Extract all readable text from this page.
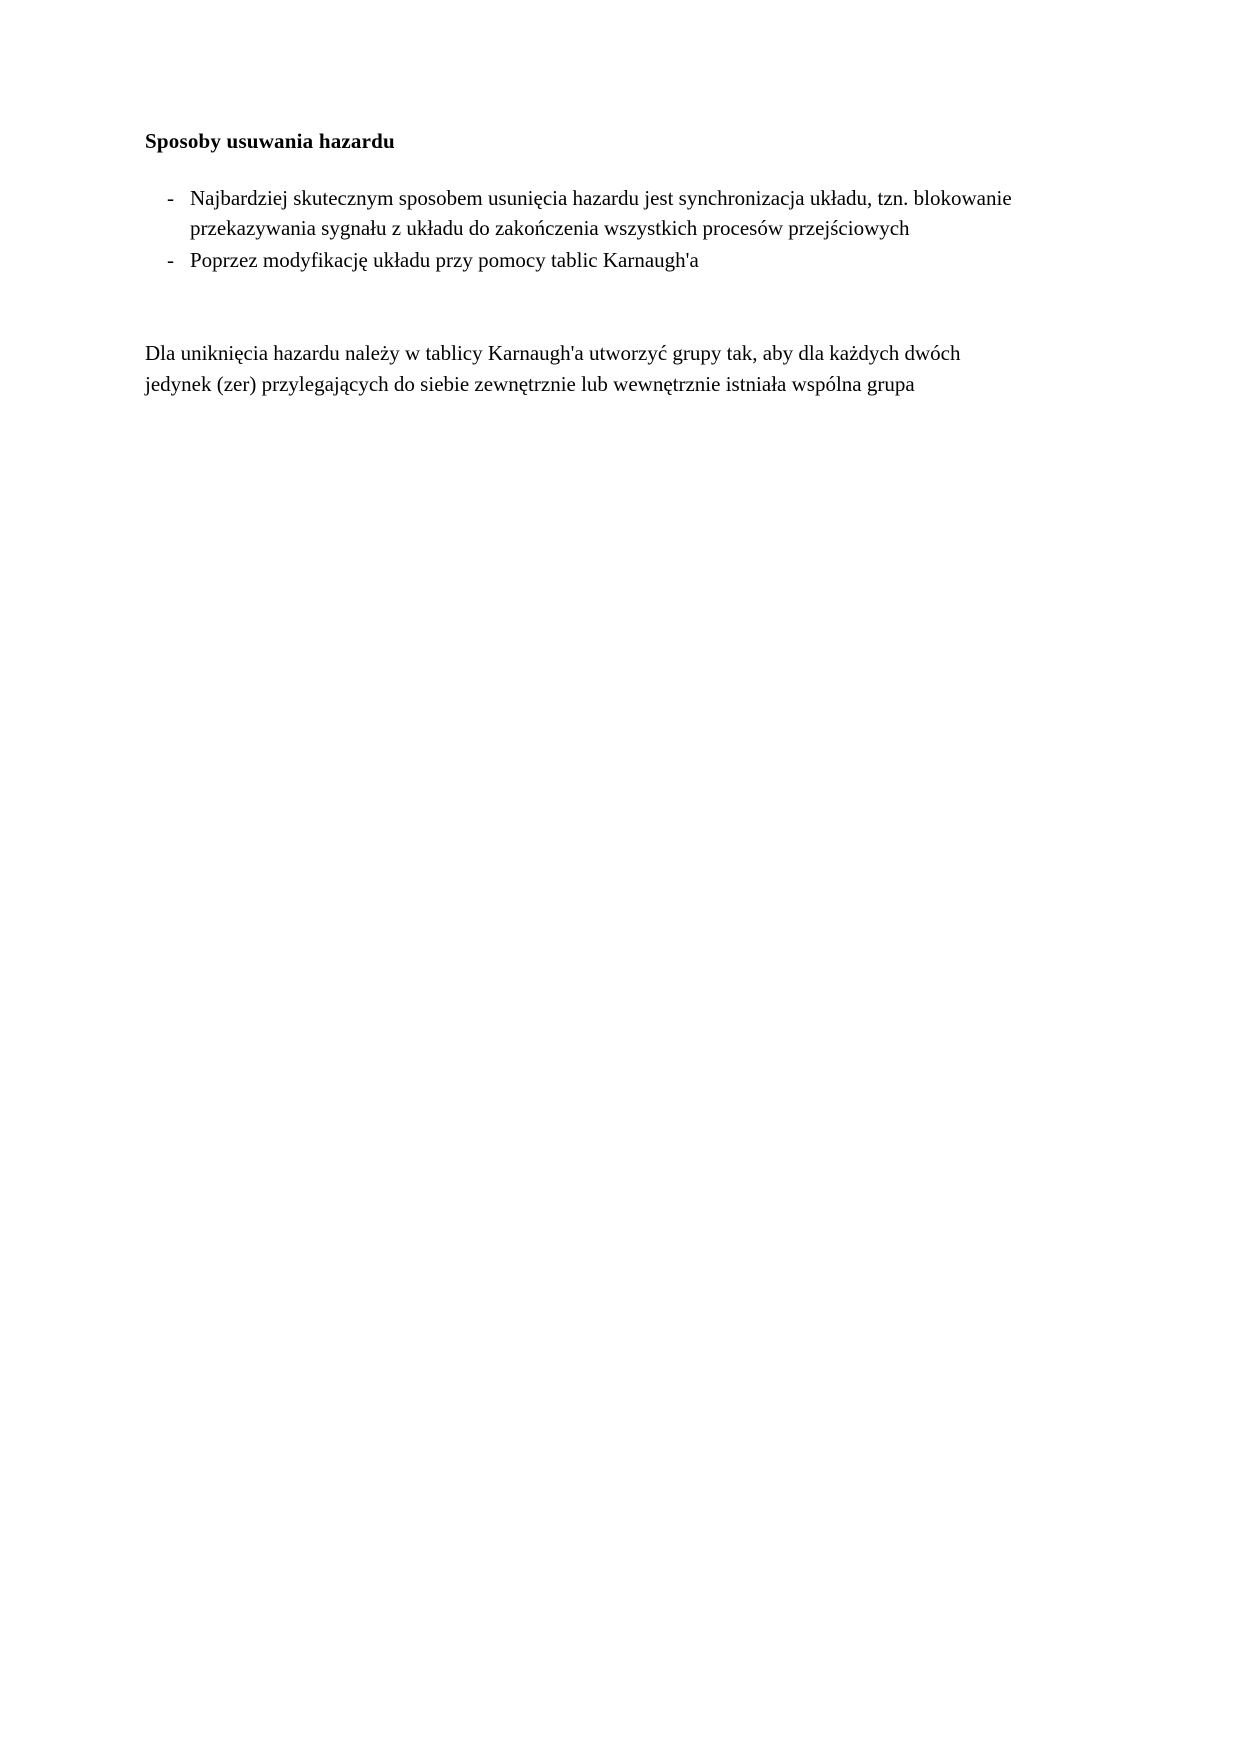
Sposoby usuwania hazardu
- Najbardziej skutecznym sposobem usunięcia hazardu jest synchronizacja układu, tzn. blokowanie przekazywania sygnału z układu do zakończenia wszystkich procesów przejściowych
- Poprzez modyfikację układu przy pomocy tablic Karnaugh'a

Dla uniknięcia hazardu należy w tablicy Karnaugh'a utworzyć grupy tak, aby dla każdych dwóch jedynek (zer) przylegających do siebie zewnętrznie lub wewnętrznie istniała wspólna grupa
